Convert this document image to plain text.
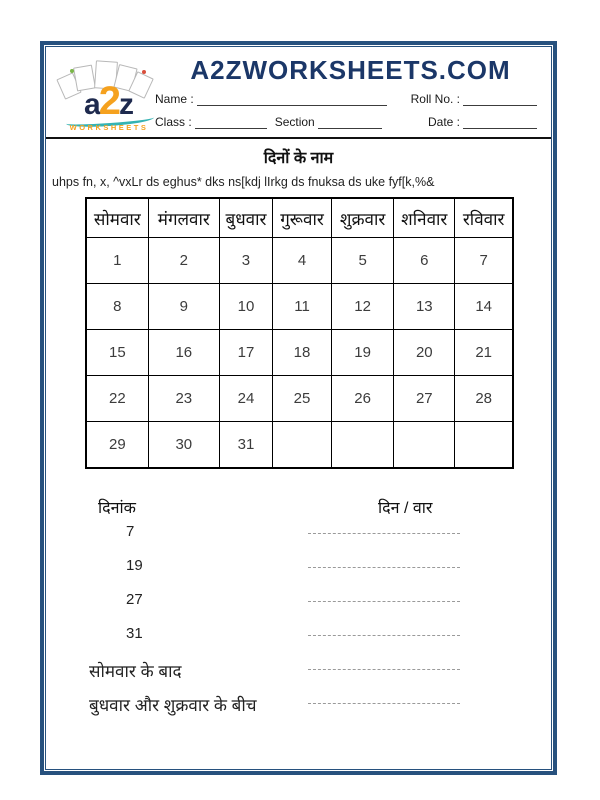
a2z
WORKSHEETS
A2ZWORKSHEETS.COM
Name :	Roll No. :
Class :	Section	Date :
दिनों के नाम
uhps fn, x, ^vxLr ds eghus* dks ns[kdj lIrkg ds fnuksa ds uke fyf[k,%&
सोमवार	मंगलवार	बुधवार	गुरूवार	शुक्रवार	शनिवार	रविवार
1	2	3	4	5	6	7
8	9	10	11	12	13	14
15	16	17	18	19	20	21
22	23	24	25	26	27	28
29	30	31				
दिनांक	दिन / वार
7
19
27
31
सोमवार के बाद
बुधवार और शुक्रवार के बीच
